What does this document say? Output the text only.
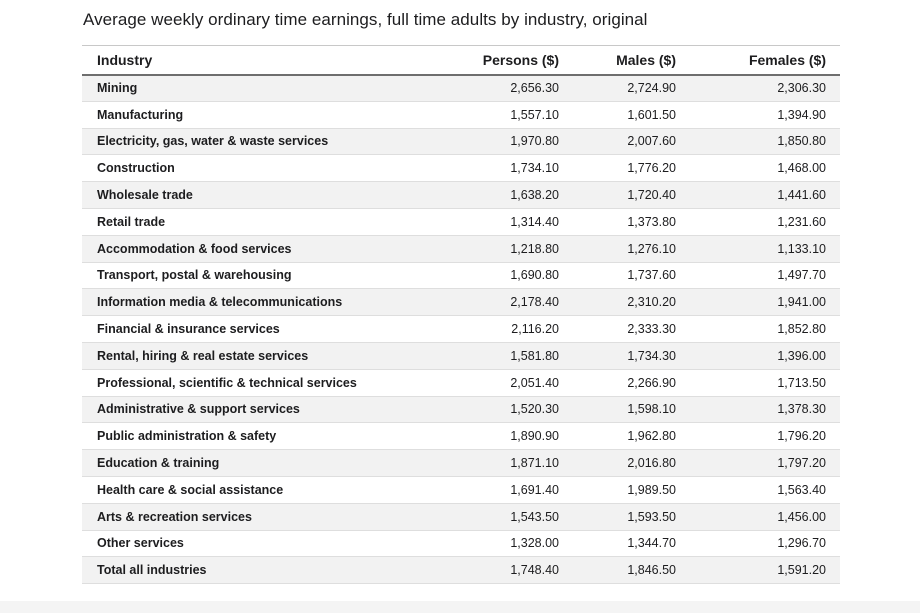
Average weekly ordinary time earnings, full time adults by industry, original
Industry	Persons ($)	Males ($)	Females ($)
Mining	2,656.30	2,724.90	2,306.30
Manufacturing	1,557.10	1,601.50	1,394.90
Electricity, gas, water & waste services	1,970.80	2,007.60	1,850.80
Construction	1,734.10	1,776.20	1,468.00
Wholesale trade	1,638.20	1,720.40	1,441.60
Retail trade	1,314.40	1,373.80	1,231.60
Accommodation & food services	1,218.80	1,276.10	1,133.10
Transport, postal & warehousing	1,690.80	1,737.60	1,497.70
Information media & telecommunications	2,178.40	2,310.20	1,941.00
Financial & insurance services	2,116.20	2,333.30	1,852.80
Rental, hiring & real estate services	1,581.80	1,734.30	1,396.00
Professional, scientific & technical services	2,051.40	2,266.90	1,713.50
Administrative & support services	1,520.30	1,598.10	1,378.30
Public administration & safety	1,890.90	1,962.80	1,796.20
Education & training	1,871.10	2,016.80	1,797.20
Health care & social assistance	1,691.40	1,989.50	1,563.40
Arts & recreation services	1,543.50	1,593.50	1,456.00
Other services	1,328.00	1,344.70	1,296.70
Total all industries	1,748.40	1,846.50	1,591.20
